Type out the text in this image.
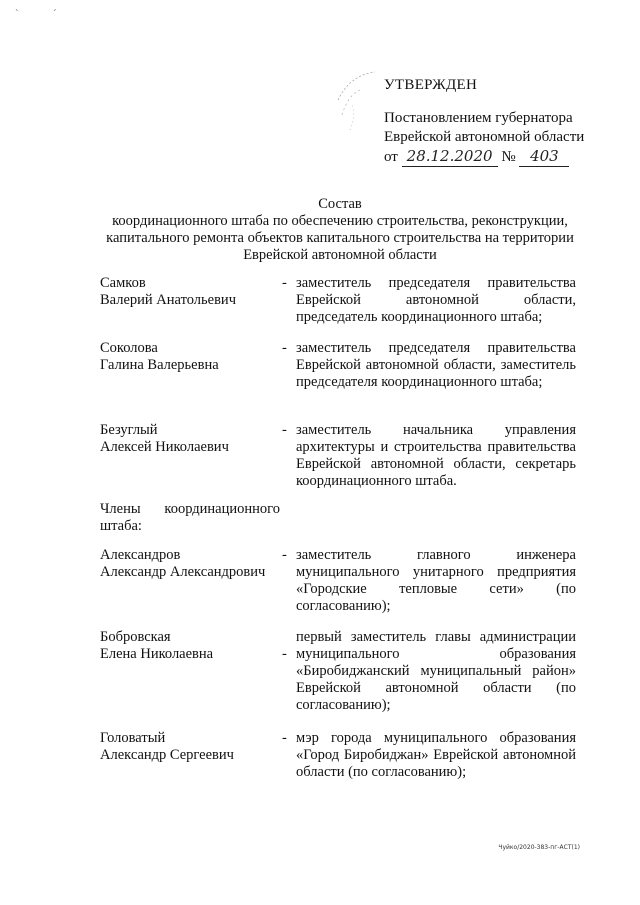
`	´
УТВЕРЖДЕН
Постановлением губернатора
Еврейской автономной области
от 28.12.2020 № 403
Состав
координационного штаба по обеспечению строительства, реконструкции,
капитального ремонта объектов капитального строительства на территории
Еврейской автономной области
Самков
Валерий Анатольевич
- заместитель председателя правительства Еврейской автономной области, председатель координационного штаба;
Соколова
Галина Валерьевна
- заместитель председателя правительства Еврейской автономной области, заместитель председателя координационного штаба;
Безуглый
Алексей Николаевич
- заместитель начальника управления архитектуры и строительства правительства Еврейской автономной области, секретарь координационного штаба.
Члены координационного штаба:
Александров
Александр Александрович
- заместитель главного инженера муниципального унитарного предприятия «Городские тепловые сети» (по согласованию);
Бобровская
Елена Николаевна	-
первый заместитель главы администрации муниципального образования «Биробиджанский муниципальный район» Еврейской автономной области (по согласованию);
Головатый
Александр Сергеевич
- мэр города муниципального образования «Город Биробиджан» Еврейской автономной области (по согласованию);
Чуйко/2020-383-пг-АСТ(1)
